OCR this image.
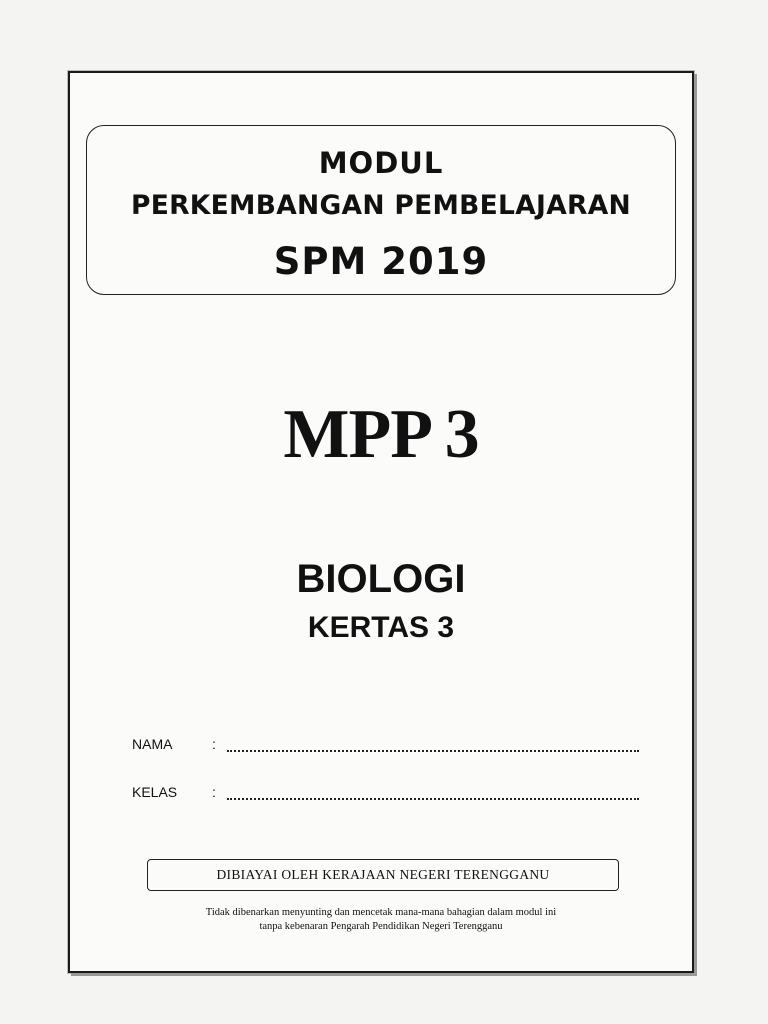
MODUL
PERKEMBANGAN PEMBELAJARAN
SPM 2019
MPP 3
BIOLOGI
KERTAS 3
NAMA	:
KELAS	:
DIBIAYAI OLEH KERAJAAN NEGERI TERENGGANU
Tidak dibenarkan menyunting dan mencetak mana-mana bahagian dalam modul ini
tanpa kebenaran Pengarah Pendidikan Negeri Terengganu
